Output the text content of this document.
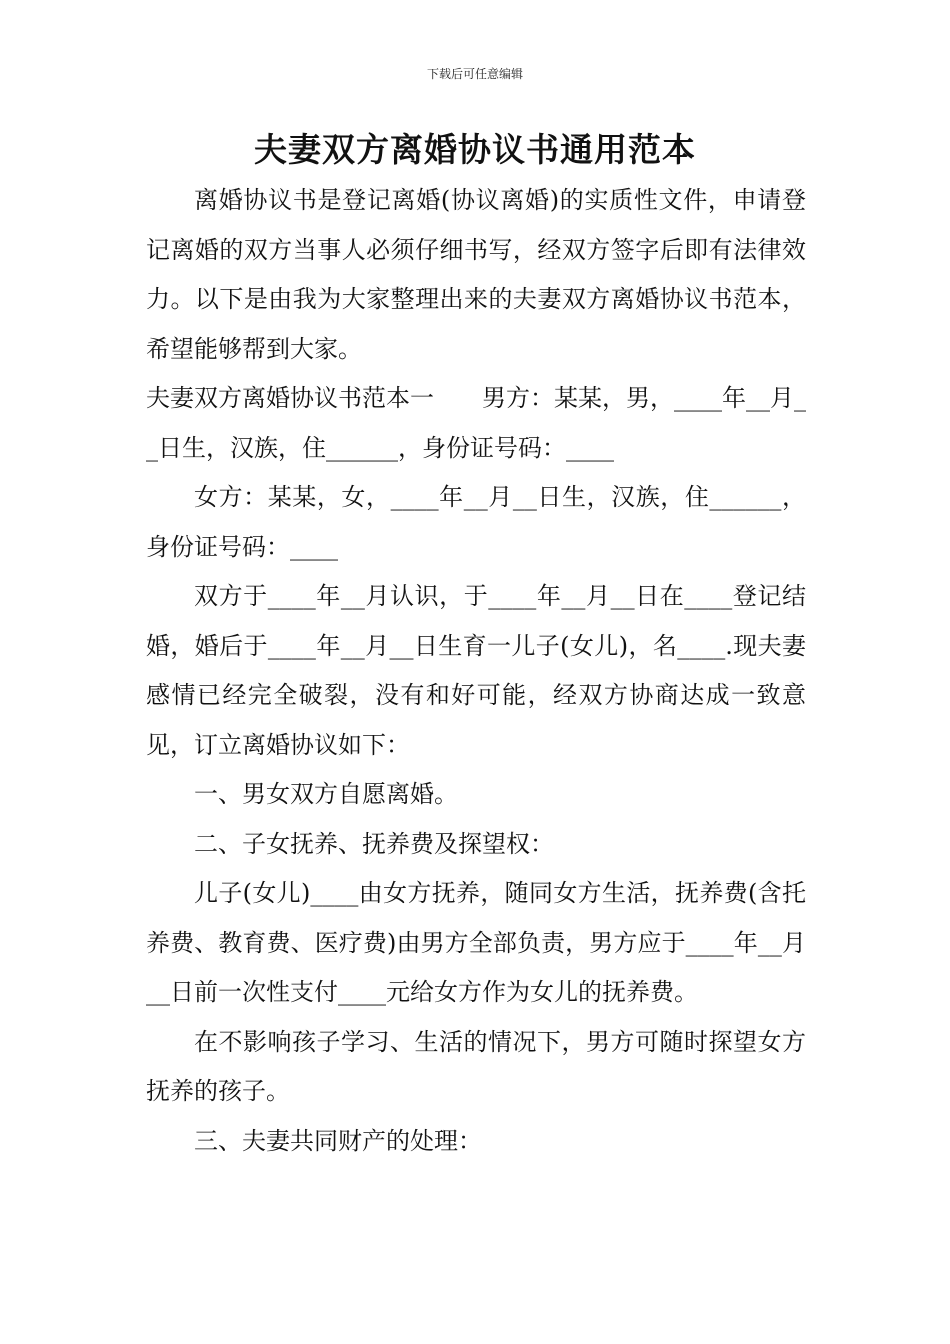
下载后可任意编辑
夫妻双方离婚协议书通用范本

离婚协议书是登记离婚(协议离婚)的实质性文件，申请登记离婚的双方当事人必须仔细书写，经双方签字后即有法律效力。以下是由我为大家整理出来的夫妻双方离婚协议书范本，希望能够帮到大家。

夫妻双方离婚协议书范本一　　男方：某某，男，____年__月__日生，汉族，住______，身份证号码：____

女方：某某，女，____年__月__日生，汉族，住______，身份证号码：____

双方于____年__月认识，于____年__月__日在____登记结婚，婚后于____年__月__日生育一儿子(女儿)，名____.现夫妻感情已经完全破裂，没有和好可能，经双方协商达成一致意见，订立离婚协议如下：

一、男女双方自愿离婚。

二、子女抚养、抚养费及探望权：

儿子(女儿)____由女方抚养，随同女方生活，抚养费(含托养费、教育费、医疗费)由男方全部负责，男方应于____年__月__日前一次性支付____元给女方作为女儿的抚养费。

在不影响孩子学习、生活的情况下，男方可随时探望女方抚养的孩子。

三、夫妻共同财产的处理：
